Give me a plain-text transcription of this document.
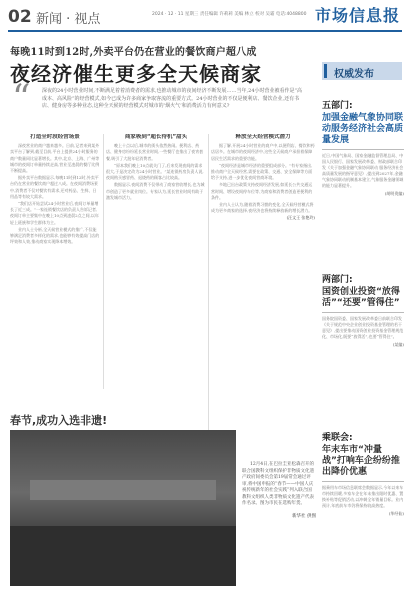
02 新闻 · 视点	2024 · 12 · 11 星期三 责任编辑 许莉莉 美编 林立 校对 吴霜 电话:4048800 市场信息报
每晚11时到12时,外卖平台仍在营业的餐饮商户超八成
夜经济催生更多全天候商家
“ 深夜的24小时营业时间,不断满足着着消费者的需求,也推动城市的夜间经济不断发展……当年,24小时营业被看作是“高成本、高风险”的经营模式,如今已成为许多商家争取客流的重要方式。24小时营业的不仅是便利店、餐饮企业,还有书店、健身房等多种业态,这种全天候的经营模式对城市的‘烟火气’和消费活力有何意义?
打造全时段经营场景

深夜营业的商户越来越多。日前,记者来到某外卖平台了解到,截至目前,平台上提供24小时服务的商户数量同比显著增长。其中,北京、上海、广州等城市的夜间订单量持续走高,营业至凌晨的餐厅比例不断提高。

据外卖平台数据显示,每晚11时到12时,外卖平台仍在营业的餐饮商户超过八成。在夜间消费场景中,消费者不仅对餐饮有需求,还对药品、生鲜、日用品等有较大需求。

“我们店开始尝试24小时营业后,夜间订单量增长了近三成。”一家连锁餐饮店的负责人告诉记者,夜间订单主要集中在晚上10点到凌晨2点之间,以年轻上班族和学生群体为主。

业内人士分析,全天候营业模式的推广,不仅能够满足消费者多样化的需求,也能够有效提高门店的坪效和人效,推动商家实现降本增效。

商家吸到“超长待机”甜头

晚上十点以后,城市的街头依然热闹。便利店、药店、健身房纷纷延长营业时间,一些餐厅也推出了夜宵套餐,吸引了大批年轻消费者。

“原本我们晚上10点就关门了,后来发现夜间的需求很大,于是决定改为24小时营业。”某连锁药房负责人说,夜间购买感冒药、退烧药的顾客占比较高。

数据显示,夜间消费不仅带动了商家营收增长,也为城市创造了更多就业岗位。专家认为,延长营业时间有助于激发城市活力。

释放全天经营模式潜力

据了解,开展24小时营业的商户中,以便利店、餐饮和药店居多。在城市的夜间经济中,这些全天候商户承担着保障居民生活需求的重要功能。

“夜间经济是城市经济的重要组成部分。”有专家指出,推动商户全天候经营,需要在政策、交通、安全保障等方面给予支持,进一步优化夜间营商环境。

多地已出台政策支持夜间经济发展,如延长公共交通运营时间、增设夜间停车位等,为商家和消费者创造更便利的条件。

业内人士认为,随着消费习惯的变化,全天候经营模式将成为更多商家的选择,夜经济也将持续释放新的增长潜力。

(汪文王 张艳玲)

权威发布
五部门:
加强金融气象协同联动服务经济社会高质量发展
近日,中国气象局、国家金融监督管理总局、中国人民银行、国家发展改革委、财政部联合印发《关于加强金融气象协同联动 服务经济社会高质量发展的指导意见》,提出到2027年,金融气象协同联动机制基本建立,气象服务金融领域的能力显著提升。
(胡明贵编)
两部门:
国资创业投资“放得活”“还要”管得住”
国务院国资委、国家发展改革委日前联合印发《关于规范中央企业创业投资基金管理的若干意见》,提出要推动国资创业投资基金管理规范化、市场化,既要“放得活”,也要“管得住”。
(某编)
乘联会:
年末车市“冲量战”打响车企纷纷推出降价优惠
据乘用车市场信息联席会数据显示,今年以来车市持续回暖,多家车企在年末推出限时优惠、置换补贴等促销活动,以冲刺全年销量目标。业内预计,年底前车市仍将保持较高热度。
(华经仙)
春节,成功入选非遗!

12月4日,在巴拉圭亚松森召开的联合国教科文组织保护非物质文化遗产政府间委员会第19届常会通过评审,将中国申报的“春节——中国人庆祝传统新年的社会实践”列入联合国教科文组织人类非物质文化遗产代表作名录。图为市民在选购年货。

新华社 供图
